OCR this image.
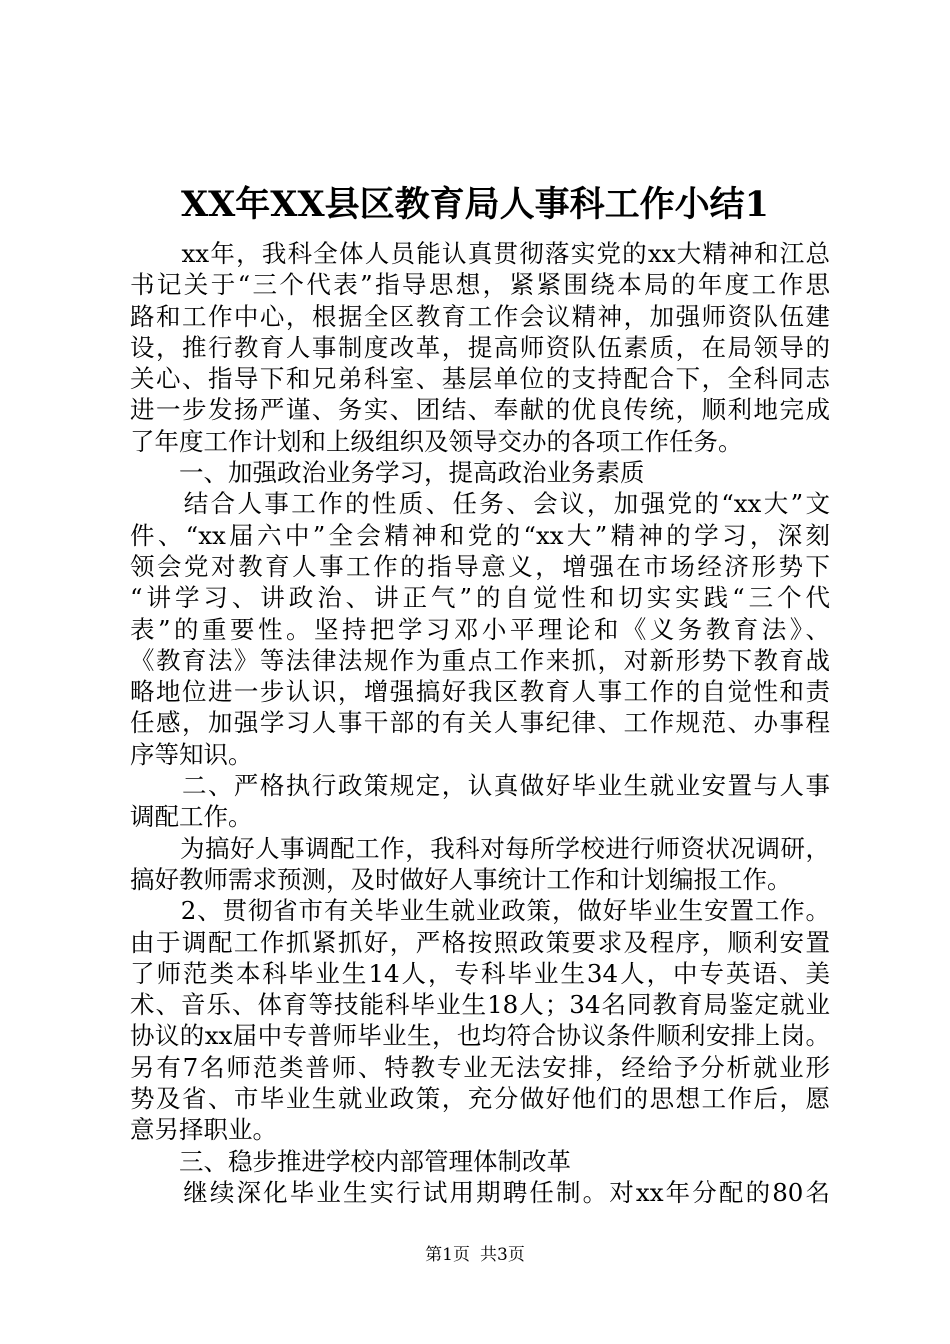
XX年XX县区教育局人事科工作小结1
　　xx年，我科全体人员能认真贯彻落实党的xx大精神和江总
书记关于“三个代表”指导思想，紧紧围绕本局的年度工作思
路和工作中心，根据全区教育工作会议精神，加强师资队伍建
设，推行教育人事制度改革，提高师资队伍素质，在局领导的
关心、指导下和兄弟科室、基层单位的支持配合下，全科同志
进一步发扬严谨、务实、团结、奉献的优良传统，顺利地完成
了年度工作计划和上级组织及领导交办的各项工作任务。
　　一、加强政治业务学习，提高政治业务素质
　　结合人事工作的性质、任务、会议，加强党的“xx大”文
件、“xx届六中”全会精神和党的“xx大”精神的学习，深刻
领会党对教育人事工作的指导意义，增强在市场经济形势下
“讲学习、讲政治、讲正气”的自觉性和切实实践“三个代
表”的重要性。坚持把学习邓小平理论和《义务教育法》、
《教育法》等法律法规作为重点工作来抓，对新形势下教育战
略地位进一步认识，增强搞好我区教育人事工作的自觉性和责
任感，加强学习人事干部的有关人事纪律、工作规范、办事程
序等知识。
　　二、严格执行政策规定，认真做好毕业生就业安置与人事
调配工作。
　　为搞好人事调配工作，我科对每所学校进行师资状况调研，
搞好教师需求预测，及时做好人事统计工作和计划编报工作。
　　2、贯彻省市有关毕业生就业政策，做好毕业生安置工作。
由于调配工作抓紧抓好，严格按照政策要求及程序，顺利安置
了师范类本科毕业生14人，专科毕业生34人，中专英语、美
术、音乐、体育等技能科毕业生18人；34名同教育局鉴定就业
协议的xx届中专普师毕业生，也均符合协议条件顺利安排上岗。
另有7名师范类普师、特教专业无法安排，经给予分析就业形
势及省、市毕业生就业政策，充分做好他们的思想工作后，愿
意另择职业。
　　三、稳步推进学校内部管理体制改革
　　继续深化毕业生实行试用期聘任制。对xx年分配的80名
第1页 共3页
